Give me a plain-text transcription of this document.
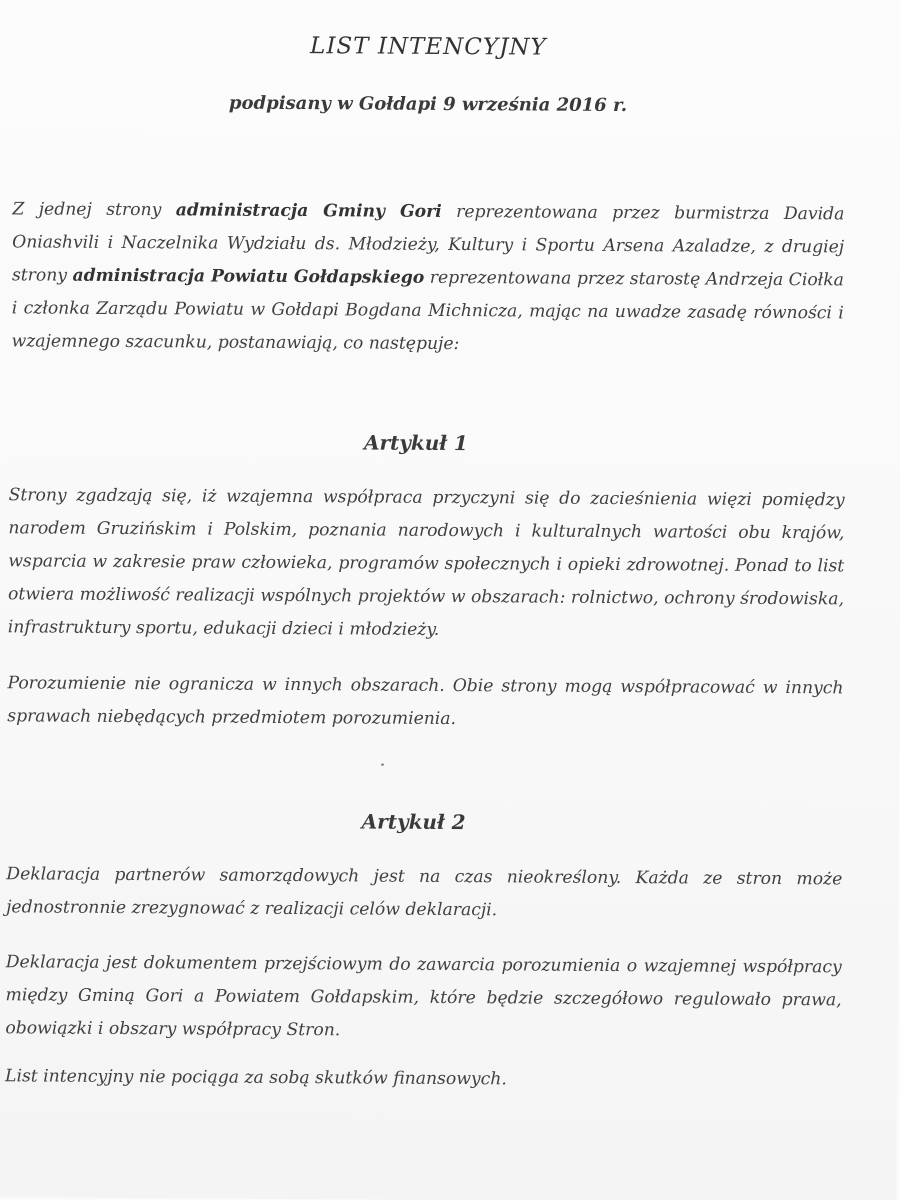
LIST INTENCYJNY
podpisany w Gołdapi 9 września 2016 r.

Z jednej strony administracja Gminy Gori reprezentowana przez burmistrza Davida Oniashvili i Naczelnika Wydziału ds. Młodzieży, Kultury i Sportu Arsena Azaladze, z drugiej strony administracja Powiatu Gołdapskiego reprezentowana przez starostę Andrzeja Ciołka i członka Zarządu Powiatu w Gołdapi Bogdana Michnicza, mając na uwadze zasadę równości i wzajemnego szacunku, postanawiają, co następuje:

Artykuł 1

Strony zgadzają się, iż wzajemna współpraca przyczyni się do zacieśnienia więzi pomiędzy narodem Gruzińskim i Polskim, poznania narodowych i kulturalnych wartości obu krajów, wsparcia w zakresie praw człowieka, programów społecznych i opieki zdrowotnej. Ponad to list otwiera możliwość realizacji wspólnych projektów w obszarach: rolnictwo, ochrony środowiska, infrastruktury sportu, edukacji dzieci i młodzieży.

Porozumienie nie ogranicza w innych obszarach. Obie strony mogą współpracować w innych sprawach niebędących przedmiotem porozumienia.

Artykuł 2

Deklaracja partnerów samorządowych jest na czas nieokreślony. Każda ze stron może jednostronnie zrezygnować z realizacji celów deklaracji.

Deklaracja jest dokumentem przejściowym do zawarcia porozumienia o wzajemnej współpracy między Gminą Gori a Powiatem Gołdapskim, które będzie szczegółowo regulowało prawa, obowiązki i obszary współpracy Stron.

List intencyjny nie pociąga za sobą skutków finansowych.
